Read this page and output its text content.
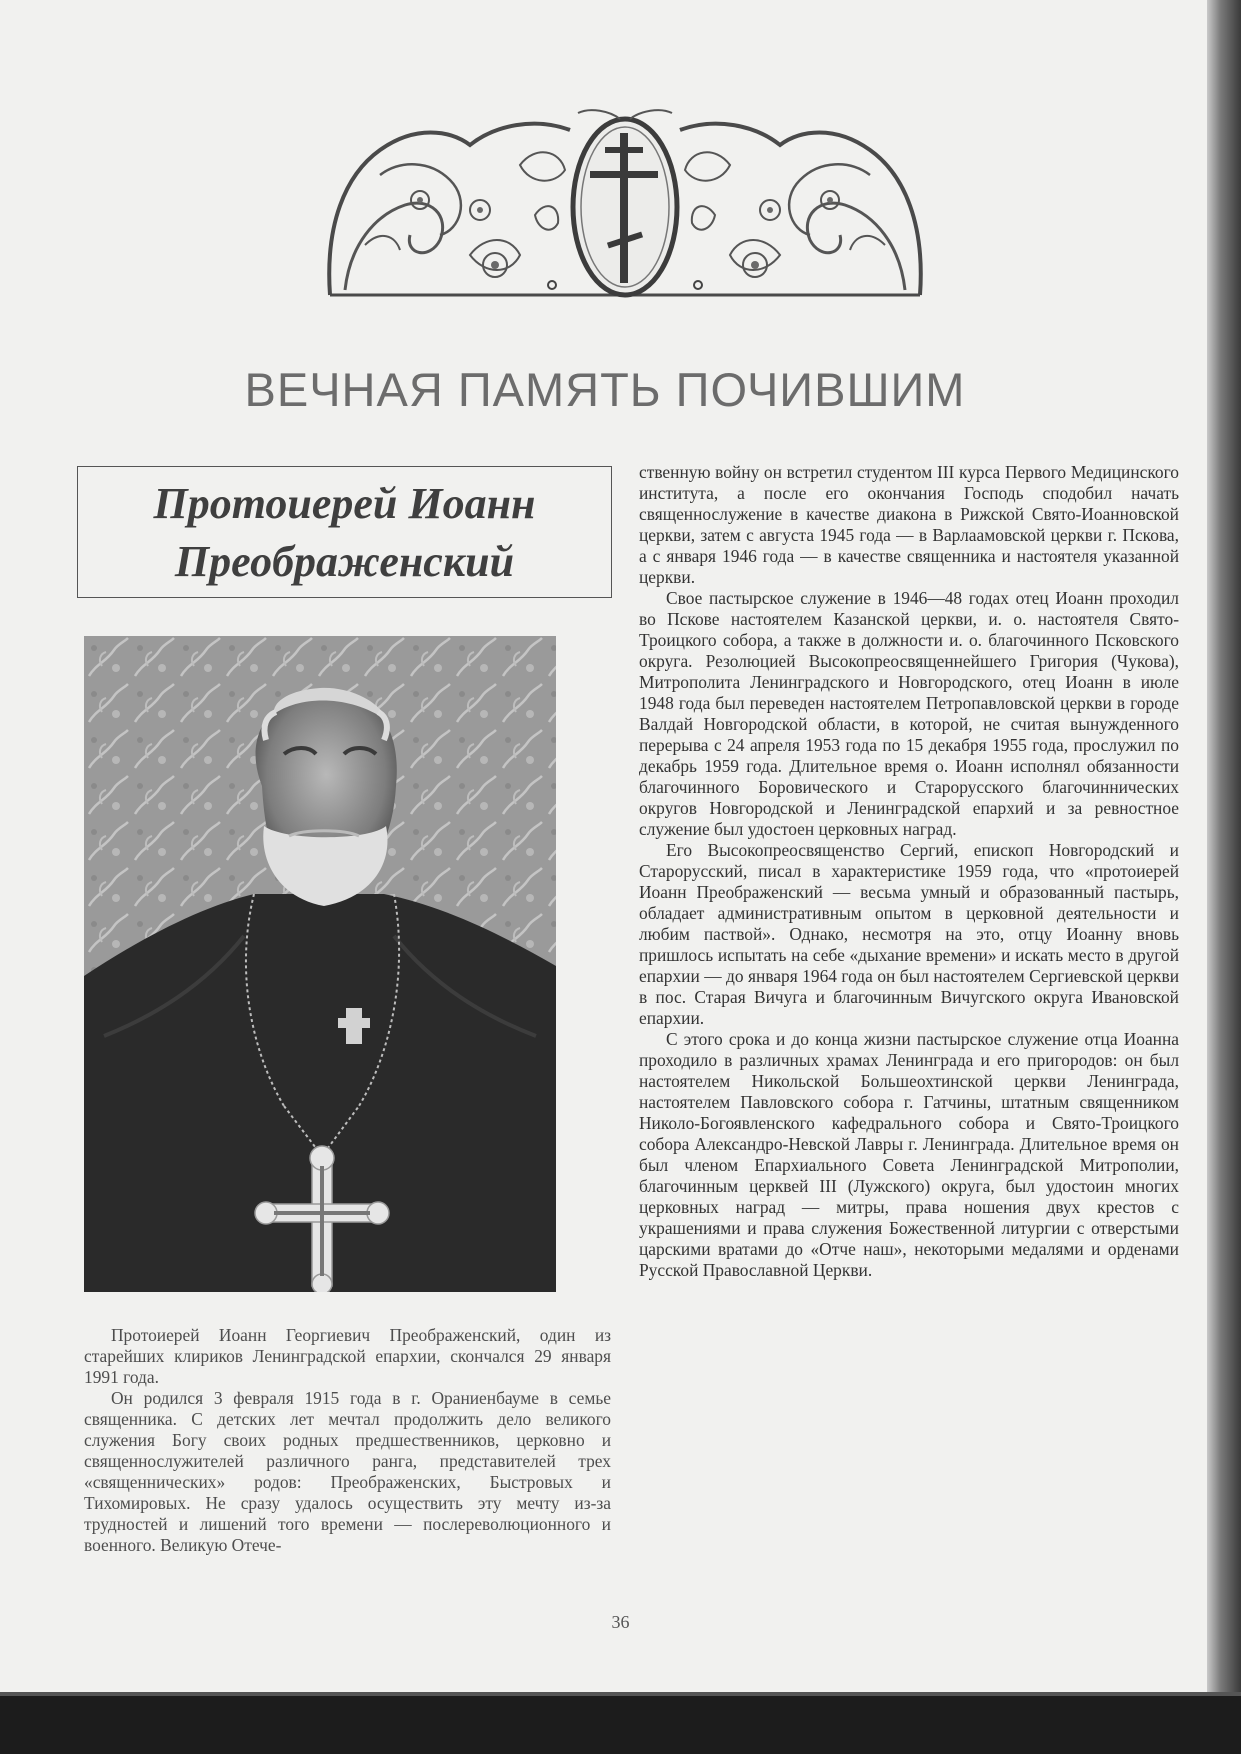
ВЕЧНАЯ ПАМЯТЬ ПОЧИВШИМ
Протоиерей Иоанн
Преображенский

Протоиерей Иоанн Георгиевич Преображенский, один из старейших клириков Ленинградской епархии, скончался 29 января 1991 года.

Он родился 3 февраля 1915 года в г. Ораниенбауме в семье священника. С детских лет мечтал продолжить дело великого служения Богу своих родных предшественников, церковно и священнослужителей различного ранга, представителей трех «священнических» родов: Преображенских, Быстровых и Тихомировых. Не сразу удалось осуществить эту мечту из-за трудностей и лишений того времени — послереволюционного и военного. Великую Отече-

ственную войну он встретил студентом III курса Первого Медицинского института, а после его окончания Господь сподобил начать священнослужение в качестве диакона в Рижской Свято-Иоанновской церкви, затем с августа 1945 года — в Варлаамовской церкви г. Пскова, а с января 1946 года — в качестве священника и настоятеля указанной церкви.

Свое пастырское служение в 1946—48 годах отец Иоанн проходил во Пскове настоятелем Казанской церкви, и. о. настоятеля Свято-Троицкого собора, а также в должности и. о. благочинного Псковского округа. Резолюцией Высокопреосвященнейшего Григория (Чукова), Митрополита Ленинградского и Новгородского, отец Иоанн в июле 1948 года был переведен настоятелем Петропавловской церкви в городе Валдай Новгородской области, в которой, не считая вынужденного перерыва с 24 апреля 1953 года по 15 декабря 1955 года, прослужил по декабрь 1959 года. Длительное время о. Иоанн исполнял обязанности благочинного Боровического и Старорусского благочиннических округов Новгородской и Ленинградской епархий и за ревностное служение был удостоен церковных наград.

Его Высокопреосвященство Сергий, епископ Новгородский и Старорусский, писал в характеристике 1959 года, что «протоиерей Иоанн Преображенский — весьма умный и образованный пастырь, обладает административным опытом в церковной деятельности и любим паствой». Однако, несмотря на это, отцу Иоанну вновь пришлось испытать на себе «дыхание времени» и искать место в другой епархии — до января 1964 года он был настоятелем Сергиевской церкви в пос. Старая Вичуга и благочинным Вичугского округа Ивановской епархии.

С этого срока и до конца жизни пастырское служение отца Иоанна проходило в различных храмах Ленинграда и его пригородов: он был настоятелем Никольской Большеохтинской церкви Ленинграда, настоятелем Павловского собора г. Гатчины, штатным священником Николо-Богоявленского кафедрального собора и Свято-Троицкого собора Александро-Невской Лавры г. Ленинграда. Длительное время он был членом Епархиального Совета Ленинградской Митрополии, благочинным церквей III (Лужского) округа, был удостоин многих церковных наград — митры, права ношения двух крестов с украшениями и права служения Божественной литургии с отверстыми царскими вратами до «Отче наш», некоторыми медалями и орденами Русской Православной Церкви.

36
